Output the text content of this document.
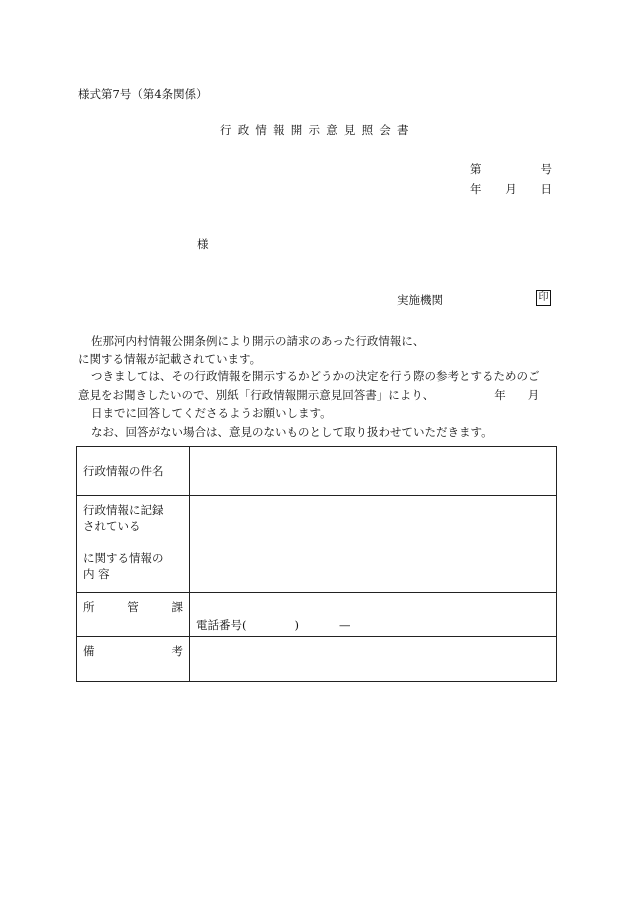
様式第7号（第4条関係）
行政情報開示意見照会書
第	号
年 月 日
様
実施機関	印
佐那河内村情報公開条例により開示の請求のあった行政情報に、
に関する情報が記載されています。
つきましては、その行政情報を開示するかどうかの決定を行う際の参考とするためのご
意見をお聞きしたいので、別紙「行政情報開示意見回答書」により、	年 月
日までに回答してくださるようお願いします。
なお、回答がない場合は、意見のないものとして取り扱わせていただきます。
行政情報の件名	

行政情報に記録
されている
に関する情報の
内 容	

所 管 課	電話番号( ) —

備 考	
